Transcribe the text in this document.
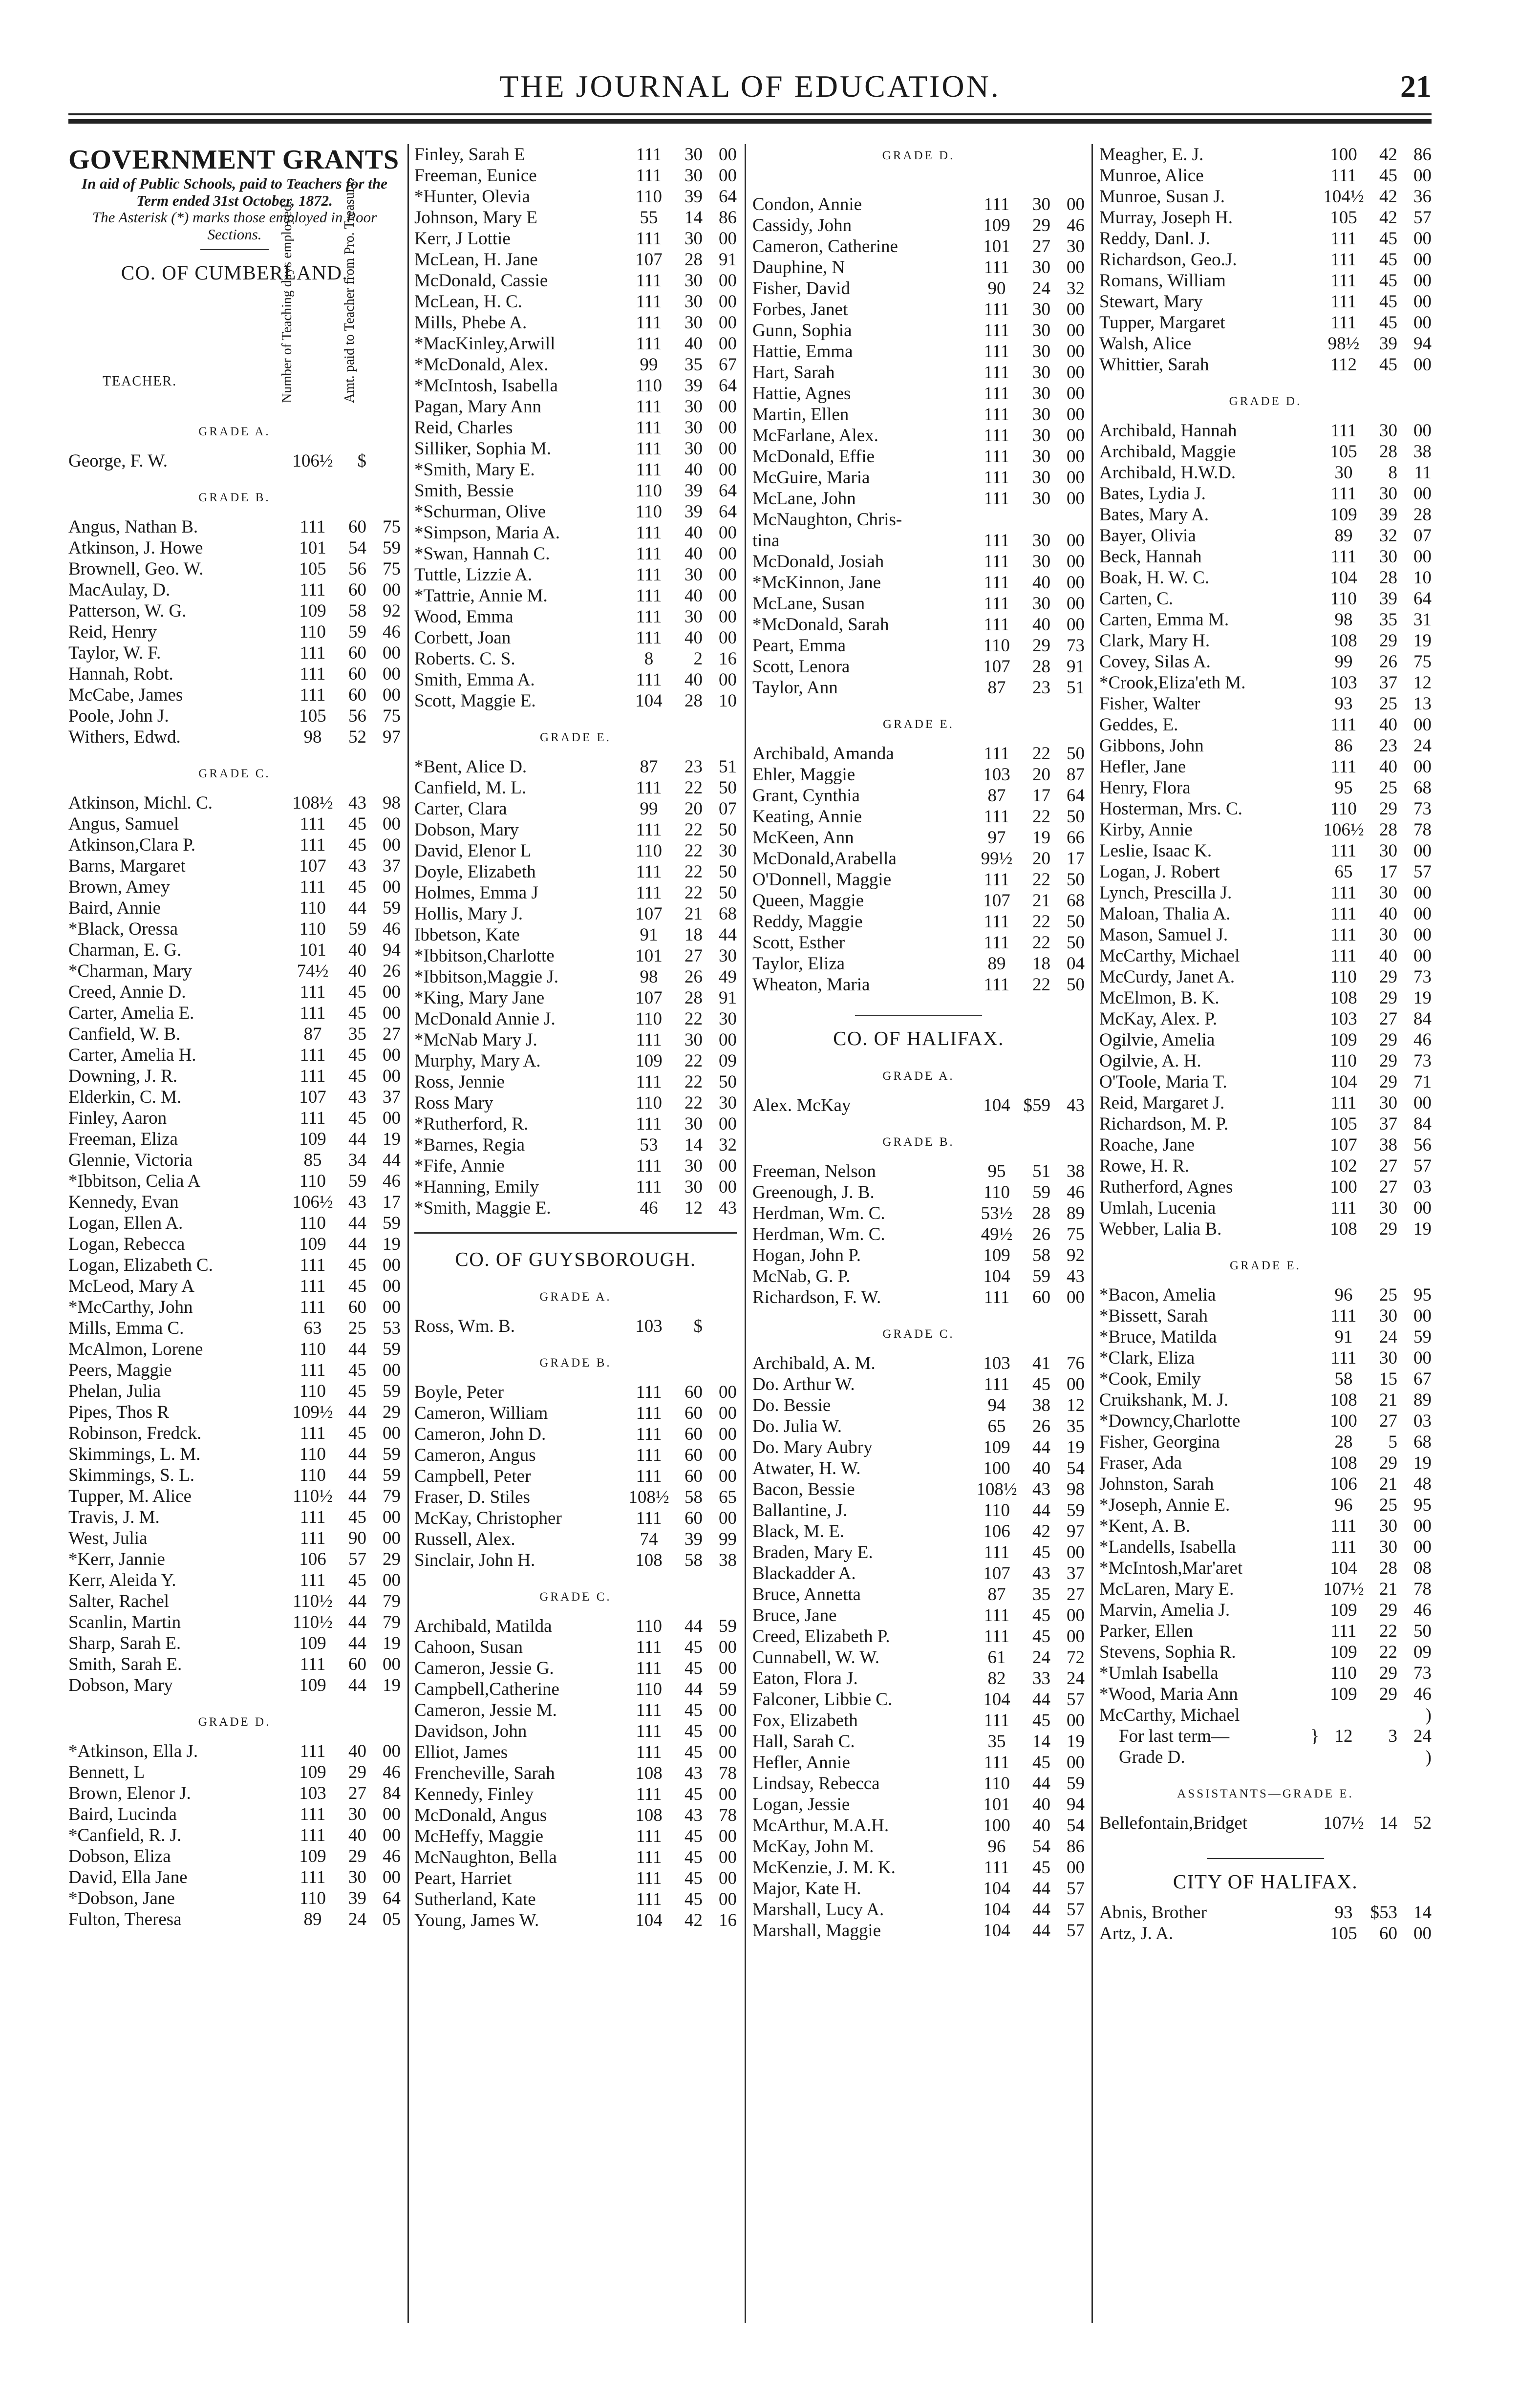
THE JOURNAL OF EDUCATION.	21
GOVERNMENT GRANTS
In aid of Public Schools, paid to Teachers for the Term ended 31st October, 1872.
The Asterisk (*) marks those employed in Poor Sections.
CO. OF CUMBERLAND.
TEACHER.	Number of Teaching days employed.	Amt. paid to Teacher from Pro. Treasury.
GRADE A.
George, F. W.	106½	$
GRADE B.
Angus, Nathan B.	111	60 75
Atkinson, J. Howe	101	54 59
Brownell, Geo. W.	105	56 75
MacAulay, D.	111	60 00
Patterson, W. G.	109	58 92
Reid, Henry	110	59 46
Taylor, W. F.	111	60 00
Hannah, Robt.	111	60 00
McCabe, James	111	60 00
Poole, John J.	105	56 75
Withers, Edwd.	98	52 97
GRADE C.
Atkinson, Michl. C.	108½ 43 98
Angus, Samuel	111	45 00
Atkinson,Clara P.	111	45 00
Barns, Margaret	107	43 37
Brown, Amey	111	45 00
Baird, Annie	110	44 59
*Black, Oressa	110	59 46
Charman, E. G.	101	40 94
*Charman, Mary	74½	40 26
Creed, Annie D.	111	45 00
Carter, Amelia E.	111	45 00
Canfield, W. B.	87	35 27
Carter, Amelia H.	111	45 00
Downing, J. R.	111	45 00
Elderkin, C. M.	107	43 37
Finley, Aaron	111	45 00
Freeman, Eliza	109	44 19
Glennie, Victoria	85	34 44
*Ibbitson, Celia A	110	59 46
Kennedy, Evan	106½ 43 17
Logan, Ellen A.	110	44 59
Logan, Rebecca	109	44 19
Logan, Elizabeth C.	111	45 00
McLeod, Mary A	111	45 00
*McCarthy, John	111	60 00
Mills, Emma C.	63	25 53
McAlmon, Lorene	110	44 59
Peers, Maggie	111	45 00
Phelan, Julia	110	45 59
Pipes, Thos R	109½ 44 29
Robinson, Fredck.	111	45 00
Skimmings, L. M.	110	44 59
Skimmings, S. L.	110	44 59
Tupper, M. Alice	110½ 44 79
Travis, J. M.	111	45 00
West, Julia	111	90 00
*Kerr, Jannie	106	57 29
Kerr, Aleida Y.	111	45 00
Salter, Rachel	110½ 44 79
Scanlin, Martin	110½ 44 79
Sharp, Sarah E.	109	44 19
Smith, Sarah E.	111	60 00
Dobson, Mary	109	44 19
GRADE D.
*Atkinson, Ella J.	111	40 00
Bennett, L	109	29 46
Brown, Elenor J.	103	27 84
Baird, Lucinda	111	30 00
*Canfield, R. J.	111	40 00
Dobson, Eliza	109	29 46
David, Ella Jane	111	30 00
*Dobson, Jane	110	39 64
Fulton, Theresa	89	24 05
Finley, Sarah E	111	30 00
Freeman, Eunice	111	30 00
*Hunter, Olevia	110	39 64
Johnson, Mary E	55	14 86
Kerr, J Lottie	111	30 00
McLean, H. Jane	107	28 91
McDonald, Cassie	111	30 00
McLean, H. C.	111	30 00
Mills, Phebe A.	111	30 00
*MacKinley,Arwill	111	40 00
*McDonald, Alex.	99	35 67
*McIntosh, Isabella	110	39 64
Pagan, Mary Ann	111	30 00
Reid, Charles	111	30 00
Silliker, Sophia M.	111	30 00
*Smith, Mary E.	111	40 00
Smith, Bessie	110	39 64
*Schurman, Olive	110	39 64
*Simpson, Maria A.	111	40 00
*Swan, Hannah C.	111	40 00
Tuttle, Lizzie A.	111	30 00
*Tattrie, Annie M.	111	40 00
Wood, Emma	111	30 00
Corbett, Joan	111	40 00
Roberts. C. S.	8	2 16
Smith, Emma A.	111	40 00
Scott, Maggie E.	104	28 10
GRADE E.
*Bent, Alice D.	87	23 51
Canfield, M. L.	111	22 50
Carter, Clara	99	20 07
Dobson, Mary	111	22 50
David, Elenor L	110	22 30
Doyle, Elizabeth	111	22 50
Holmes, Emma J	111	22 50
Hollis, Mary J.	107	21 68
Ibbetson, Kate	91	18 44
*Ibbitson,Charlotte	101	27 30
*Ibbitson,Maggie J.	98	26 49
*King, Mary Jane	107	28 91
McDonald Annie J.	110	22 30
*McNab Mary J.	111	30 00
Murphy, Mary A.	109	22 09
Ross, Jennie	111	22 50
Ross Mary	110	22 30
*Rutherford, R.	111	30 00
*Barnes, Regia	53	14 32
*Fife, Annie	111	30 00
*Hanning, Emily	111	30 00
*Smith, Maggie E.	46	12 43
CO. OF GUYSBOROUGH.
GRADE A.
Ross, Wm. B.	103	$
GRADE B.
Boyle, Peter	111	60 00
Cameron, William	111	60 00
Cameron, John D.	111	60 00
Cameron, Angus	111	60 00
Campbell, Peter	111	60 00
Fraser, D. Stiles	108½ 58 65
McKay, Christopher	111	60 00
Russell, Alex.	74	39 99
Sinclair, John H.	108	58 38
GRADE C.
Archibald, Matilda	110	44 59
Cahoon, Susan	111	45 00
Cameron, Jessie G.	111	45 00
Campbell,Catherine	110	44 59
Cameron, Jessie M.	111	45 00
Davidson, John	111	45 00
Elliot, James	111	45 00
Frencheville, Sarah	108	43 78
Kennedy, Finley	111	45 00
McDonald, Angus	108	43 78
McHeffy, Maggie	111	45 00
McNaughton, Bella	111	45 00
Peart, Harriet	111	45 00
Sutherland, Kate	111	45 00
Young, James W.	104	42 16
GRADE D.
Condon, Annie	111	30 00
Cassidy, John	109	29 46
Cameron, Catherine	101	27 30
Dauphine, N	111	30 00
Fisher, David	90	24 32
Forbes, Janet	111	30 00
Gunn, Sophia	111	30 00
Hattie, Emma	111	30 00
Hart, Sarah	111	30 00
Hattie, Agnes	111	30 00
Martin, Ellen	111	30 00
McFarlane, Alex.	111	30 00
McDonald, Effie	111	30 00
McGuire, Maria	111	30 00
McLane, John	111	30 00
McNaughton, Chris-
tina	111	30 00
McDonald, Josiah	111	30 00
*McKinnon, Jane	111	40 00
McLane, Susan	111	30 00
*McDonald, Sarah	111	40 00
Peart, Emma	110	29 73
Scott, Lenora	107	28 91
Taylor, Ann	87	23 51
GRADE E.
Archibald, Amanda	111	22 50
Ehler, Maggie	103	20 87
Grant, Cynthia	87	17 64
Keating, Annie	111	22 50
McKeen, Ann	97	19 66
McDonald,Arabella	99½	20 17
O'Donnell, Maggie	111	22 50
Queen, Maggie	107	21 68
Reddy, Maggie	111	22 50
Scott, Esther	111	22 50
Taylor, Eliza	89	18 04
Wheaton, Maria	111	22 50
CO. OF HALIFAX.
GRADE A.
Alex. McKay	104 $59 43
GRADE B.
Freeman, Nelson	95	51 38
Greenough, J. B.	110	59 46
Herdman, Wm. C.	53½	28 89
Herdman, Wm. C.	49½	26 75
Hogan, John P.	109	58 92
McNab, G. P.	104	59 43
Richardson, F. W.	111	60 00
GRADE C.
Archibald, A. M.	103	41 76
Do. Arthur W.	111	45 00
Do. Bessie	94	38 12
Do. Julia W.	65	26 35
Do. Mary Aubry	109	44 19
Atwater, H. W.	100	40 54
Bacon, Bessie	108½ 43 98
Ballantine, J.	110	44 59
Black, M. E.	106	42 97
Braden, Mary E.	111	45 00
Blackadder A.	107	43 37
Bruce, Annetta	87	35 27
Bruce, Jane	111	45 00
Creed, Elizabeth P.	111	45 00
Cunnabell, W. W.	61	24 72
Eaton, Flora J.	82	33 24
Falconer, Libbie C.	104	44 57
Fox, Elizabeth	111	45 00
Hall, Sarah C.	35	14 19
Hefler, Annie	111	45 00
Lindsay, Rebecca	110	44 59
Logan, Jessie	101	40 94
McArthur, M.A.H.	100	40 54
McKay, John M.	96	54 86
McKenzie, J. M. K.	111	45 00
Major, Kate H.	104	44 57
Marshall, Lucy A.	104	44 57
Marshall, Maggie	104	44 57
Meagher, E. J.	100	42 86
Munroe, Alice	111	45 00
Munroe, Susan J.	104½ 42 36
Murray, Joseph H.	105	42 57
Reddy, Danl. J.	111	45 00
Richardson, Geo.J.	111	45 00
Romans, William	111	45 00
Stewart, Mary	111	45 00
Tupper, Margaret	111	45 00
Walsh, Alice	98½	39 94
Whittier, Sarah	112	45 00
GRADE D.
Archibald, Hannah	111	30 00
Archibald, Maggie	105	28 38
Archibald, H.W.D.	30	8 11
Bates, Lydia J.	111	30 00
Bates, Mary A.	109	39 28
Bayer, Olivia	89	32 07
Beck, Hannah	111	30 00
Boak, H. W. C.	104	28 10
Carten, C.	110	39 64
Carten, Emma M.	98	35 31
Clark, Mary H.	108	29 19
Covey, Silas A.	99	26 75
*Crook,Eliza'eth M.	103	37 12
Fisher, Walter	93	25 13
Geddes, E.	111	40 00
Gibbons, John	86	23 24
Hefler, Jane	111	40 00
Henry, Flora	95	25 68
Hosterman, Mrs. C.	110	29 73
Kirby, Annie	106½ 28 78
Leslie, Isaac K.	111	30 00
Logan, J. Robert	65	17 57
Lynch, Prescilla J.	111	30 00
Maloan, Thalia A.	111	40 00
Mason, Samuel J.	111	30 00
McCarthy, Michael	111	40 00
McCurdy, Janet A.	110	29 73
McElmon, B. K.	108	29 19
McKay, Alex. P.	103	27 84
Ogilvie, Amelia	109	29 46
Ogilvie, A. H.	110	29 73
O'Toole, Maria T.	104	29 71
Reid, Margaret J.	111	30 00
Richardson, M. P.	105	37 84
Roache, Jane	107	38 56
Rowe, H. R.	102	27 57
Rutherford, Agnes	100	27 03
Umlah, Lucenia	111	30 00
Webber, Lalia B.	108	29 19
GRADE E.
*Bacon, Amelia	96	25 95
*Bissett, Sarah	111	30 00
*Bruce, Matilda	91	24 59
*Clark, Eliza	111	30 00
*Cook, Emily	58	15 67
Cruikshank, M. J.	108	21 89
*Downcy,Charlotte	100	27 03
Fisher, Georgina	28	5 68
Fraser, Ada	108	29 19
Johnston, Sarah	106	21 48
*Joseph, Annie E.	96	25 95
*Kent, A. B.	111	30 00
*Landells, Isabella	111	30 00
*McIntosh,Mar'aret	104	28 08
McLaren, Mary E.	107½ 21 78
Marvin, Amelia J.	109	29 46
Parker, Ellen	111	22 50
Stevens, Sophia R.	109	22 09
*Umlah Isabella	110	29 73
*Wood, Maria Ann	109	29 46
McCarthy, Michael	)
For last term—	} 12	3 24
Grade D.	)
ASSISTANTS—GRADE E.
Bellefontain,Bridget	107½ 14 52
CITY OF HALIFAX.
Abnis, Brother	93 $53 14
Artz, J. A.	105	60 00
